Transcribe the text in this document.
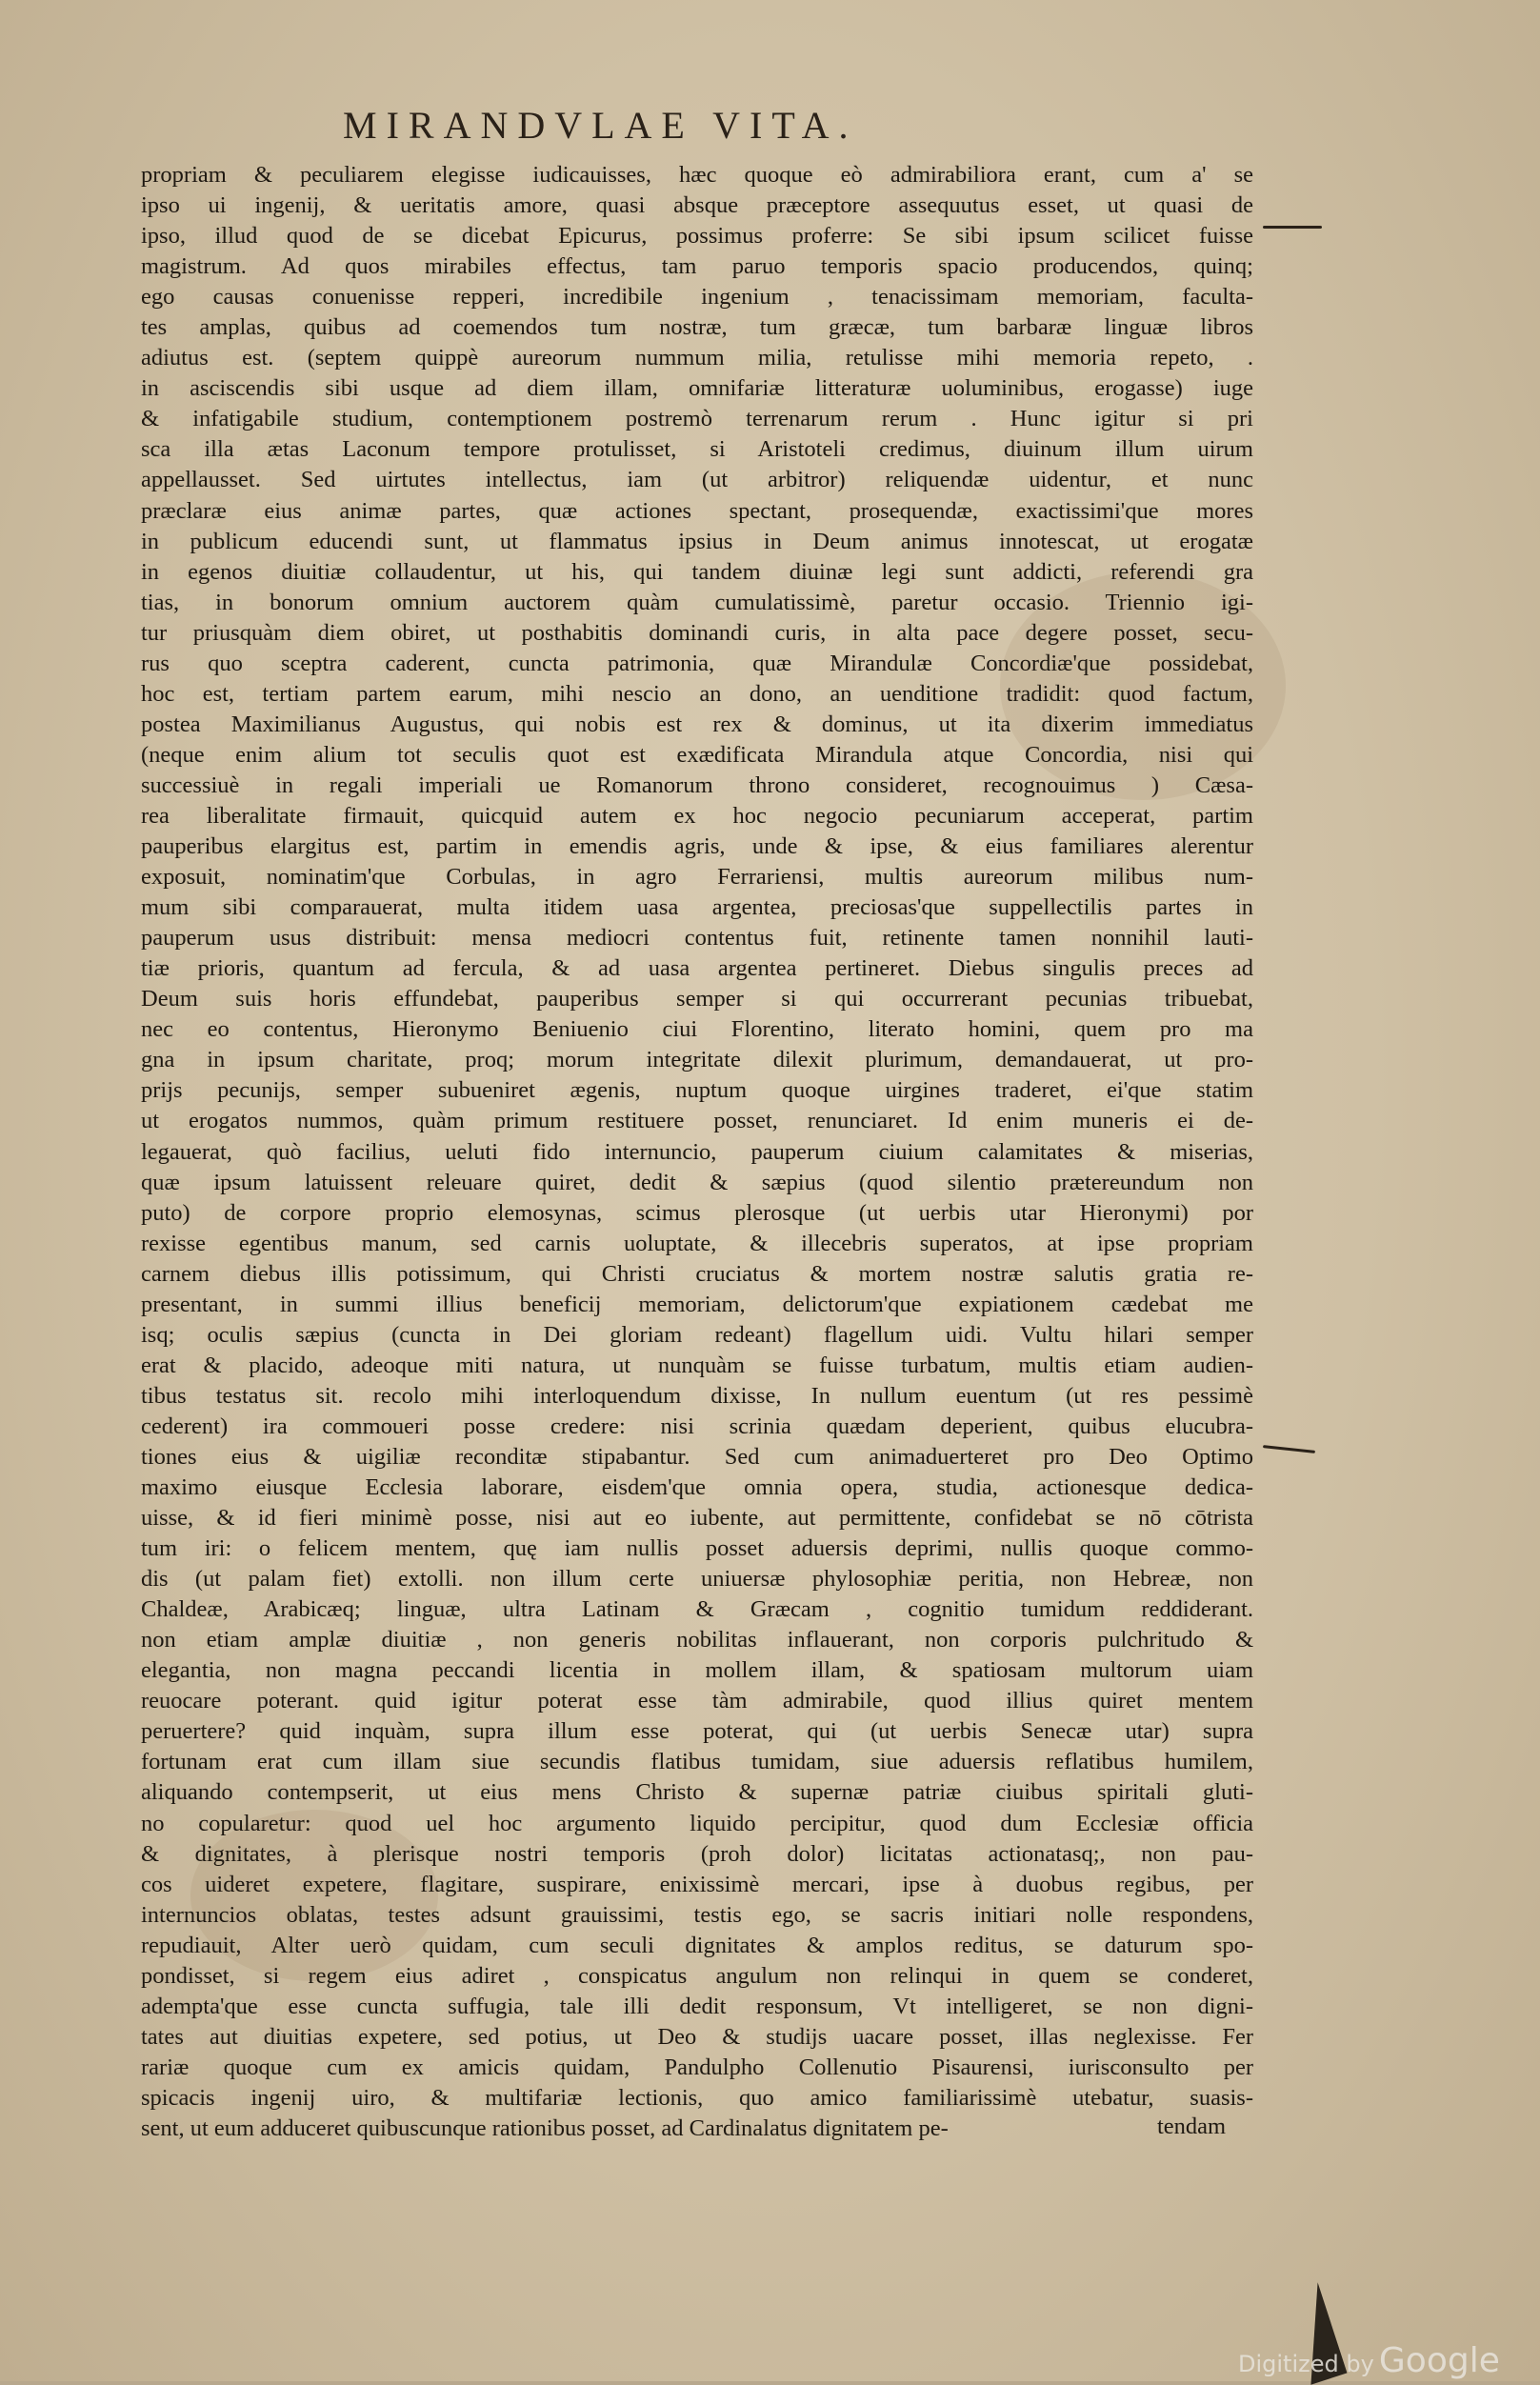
MIRANDVLAE VITA.
propriam & peculiarem elegisse iudicauisses, hæc quoque eò admirabiliora erant, cum a' se
ipso ui ingenij, & ueritatis amore, quasi absque præceptore assequutus esset, ut quasi de
ipso, illud quod de se dicebat Epicurus, possimus proferre: Se sibi ipsum scilicet fuisse
magistrum. Ad quos mirabiles effectus, tam paruo temporis spacio producendos, quinq;
ego causas conuenisse repperi, incredibile ingenium , tenacissimam memoriam, faculta-
tes amplas, quibus ad coemendos tum nostræ, tum græcæ, tum barbaræ linguæ libros
adiutus est. (septem quippè aureorum nummum milia, retulisse mihi memoria repeto, .
in asciscendis sibi usque ad diem illam, omnifariæ litteraturæ uoluminibus, erogasse) iuge
& infatigabile studium, contemptionem postremò terrenarum rerum . Hunc igitur si pri
sca illa ætas Laconum tempore protulisset, si Aristoteli credimus, diuinum illum uirum
appellausset. Sed uirtutes intellectus, iam (ut arbitror) reliquendæ uidentur, et nunc
præclaræ eius animæ partes, quæ actiones spectant, prosequendæ, exactissimi'que mores
in publicum educendi sunt, ut flammatus ipsius in Deum animus innotescat, ut erogatæ
in egenos diuitiæ collaudentur, ut his, qui tandem diuinæ legi sunt addicti, referendi gra
tias, in bonorum omnium auctorem quàm cumulatissimè, paretur occasio. Triennio igi-
tur priusquàm diem obiret, ut posthabitis dominandi curis, in alta pace degere posset, secu-
rus quo sceptra caderent, cuncta patrimonia, quæ Mirandulæ Concordiæ'que possidebat,
hoc est, tertiam partem earum, mihi nescio an dono, an uenditione tradidit: quod factum,
postea Maximilianus Augustus, qui nobis est rex & dominus, ut ita dixerim immediatus
(neque enim alium tot seculis quot est exædificata Mirandula atque Concordia, nisi qui
successiuè in regali imperiali ue Romanorum throno consideret, recognouimus ) Cæsa-
rea liberalitate firmauit, quicquid autem ex hoc negocio pecuniarum acceperat, partim
pauperibus elargitus est, partim in emendis agris, unde & ipse, & eius familiares alerentur
exposuit, nominatim'que Corbulas, in agro Ferrariensi, multis aureorum milibus num-
mum sibi comparauerat, multa itidem uasa argentea, preciosas'que suppellectilis partes in
pauperum usus distribuit: mensa mediocri contentus fuit, retinente tamen nonnihil lauti-
tiæ prioris, quantum ad fercula, & ad uasa argentea pertineret. Diebus singulis preces ad
Deum suis horis effundebat, pauperibus semper si qui occurrerant pecunias tribuebat,
nec eo contentus, Hieronymo Beniuenio ciui Florentino, literato homini, quem pro ma
gna in ipsum charitate, proq; morum integritate dilexit plurimum, demandauerat, ut pro-
prijs pecunijs, semper subueniret ægenis, nuptum quoque uirgines traderet, ei'que statim
ut erogatos nummos, quàm primum restituere posset, renunciaret. Id enim muneris ei de-
legauerat, quò facilius, ueluti fido internuncio, pauperum ciuium calamitates & miserias,
quæ ipsum latuissent releuare quiret, dedit & sæpius (quod silentio prætereundum non
puto) de corpore proprio elemosynas, scimus plerosque (ut uerbis utar Hieronymi) por
rexisse egentibus manum, sed carnis uoluptate, & illecebris superatos, at ipse propriam
carnem diebus illis potissimum, qui Christi cruciatus & mortem nostræ salutis gratia re-
presentant, in summi illius beneficij memoriam, delictorum'que expiationem cædebat me
isq; oculis sæpius (cuncta in Dei gloriam redeant) flagellum uidi. Vultu hilari semper
erat & placido, adeoque miti natura, ut nunquàm se fuisse turbatum, multis etiam audien-
tibus testatus sit. recolo mihi interloquendum dixisse, In nullum euentum (ut res pessimè
cederent) ira commoueri posse credere: nisi scrinia quædam deperient, quibus elucubra-
tiones eius & uigiliæ reconditæ stipabantur. Sed cum animaduerteret pro Deo Optimo
maximo eiusque Ecclesia laborare, eisdem'que omnia opera, studia, actionesque dedica-
uisse, & id fieri minimè posse, nisi aut eo iubente, aut permittente, confidebat se nō cōtrista
tum iri: o felicem mentem, quę iam nullis posset aduersis deprimi, nullis quoque commo-
dis (ut palam fiet) extolli. non illum certe uniuersæ phylosophiæ peritia, non Hebreæ, non
Chaldeæ, Arabicæq; linguæ, ultra Latinam & Græcam , cognitio tumidum reddiderant.
non etiam amplæ diuitiæ , non generis nobilitas inflauerant, non corporis pulchritudo &
elegantia, non magna peccandi licentia in mollem illam, & spatiosam multorum uiam
reuocare poterant. quid igitur poterat esse tàm admirabile, quod illius quiret mentem
peruertere? quid inquàm, supra illum esse poterat, qui (ut uerbis Senecæ utar) supra
fortunam erat cum illam siue secundis flatibus tumidam, siue aduersis reflatibus humilem,
aliquando contempserit, ut eius mens Christo & supernæ patriæ ciuibus spiritali gluti-
no copularetur: quod uel hoc argumento liquido percipitur, quod dum Ecclesiæ officia
& dignitates, à plerisque nostri temporis (proh dolor) licitatas actionatasq;, non pau-
cos uideret expetere, flagitare, suspirare, enixissimè mercari, ipse à duobus regibus, per
internuncios oblatas, testes adsunt grauissimi, testis ego, se sacris initiari nolle respondens,
repudiauit, Alter uerò quidam, cum seculi dignitates & amplos reditus, se daturum spo-
pondisset, si regem eius adiret , conspicatus angulum non relinqui in quem se conderet,
adempta'que esse cuncta suffugia, tale illi dedit responsum, Vt intelligeret, se non digni-
tates aut diuitias expetere, sed potius, ut Deo & studijs uacare posset, illas neglexisse. Fer
rariæ quoque cum ex amicis quidam, Pandulpho Collenutio Pisaurensi, iurisconsulto per
spicacis ingenij uiro, & multifariæ lectionis, quo amico familiarissimè utebatur, suasis-
sent, ut eum adduceret quibuscunque rationibus posset, ad Cardinalatus dignitatem pe-	tendam
Digitized by Google
